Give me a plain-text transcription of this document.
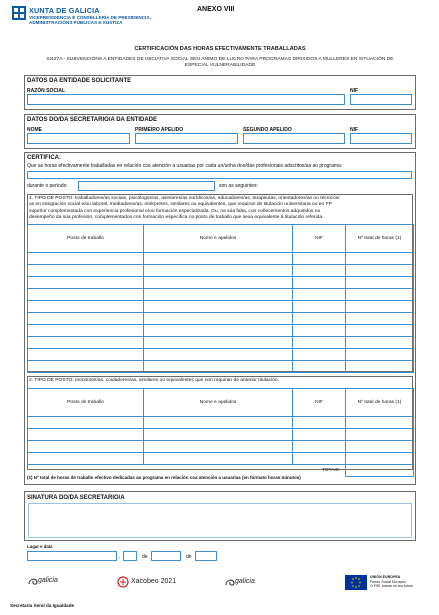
XUNTA DE GALICIA
VICEPRESIDENCIA E CONSELLERÍA DE PRESIDENCIA,
ADMINISTRACIÓNS PÚBLICAS E XUSTIZA
ANEXO VIII
CERTIFICACIÓN DAS HORAS EFECTIVAMENTE TRABALLADAS
SI427A - SUBVENCIÓNS A ENTIDADES DE INICIATIVA SOCIAL SEN ÁNIMO DE LUCRO PARA PROGRAMAS DIRIXIDOS A MULLERES EN SITUACIÓN DE
ESPECIAL VULNERABILIDADE
DATOS DA ENTIDADE SOLICITANTE
RAZÓN SOCIAL	NIF
DATOS DO/DA SECRETARIO/A DA ENTIDADE
NOME	PRIMEIRO APELIDO	SEGUNDO APELIDO	NIF
CERTIFICA:
Que as horas efectivamente traballadas en relación coa atención a usuarias por cada un/unha dos/das profesionais adscritos/as ao programa:
durante o período	son as seguintes:
1. TIPO DE POSTO: traballadores/as sociais, psicólogos/as, asesores/as xurídicos/as, educadores/as, terapeutas, orientadores/as ou técnicos/
as en integración social e/ou laboral, mediadores/as, intérpretes, similares ou equivalentes, que requiran de titulación universitaria ou en FP
superior complementada con experiencia profesional e/ou formación especializada. Ou, na súa falta, con coñecementos adquiridos no
desempeño da súa profesión, complementados con formación específica no posto de traballo que sexa equivalente á titulación referida.
Posto de traballo	Nome e apelidos	NIF	Nº total de horas (1)

2. TIPO DE POSTO: monitores/as, coidadores/as, similares ou equivalentes que non requiran de anterior titulación.
Posto de traballo	Nome e apelidos	NIF	Nº total de horas (1)

TOTAIS			
(1) Nº total de horas de traballo efectivo dedicadas ao programa en relación coa atención a usuarias (en formato horas:minutos)
SINATURA DO/DA SECRETARIO/A
Lugar e data
,	de	de
galicia	Xacobeo 2021	galicia
UNIÓN EUROPEA
Fondo Social Europeo
O FSE inviste no teu futuro
Secretaría Xeral da Igualdade
